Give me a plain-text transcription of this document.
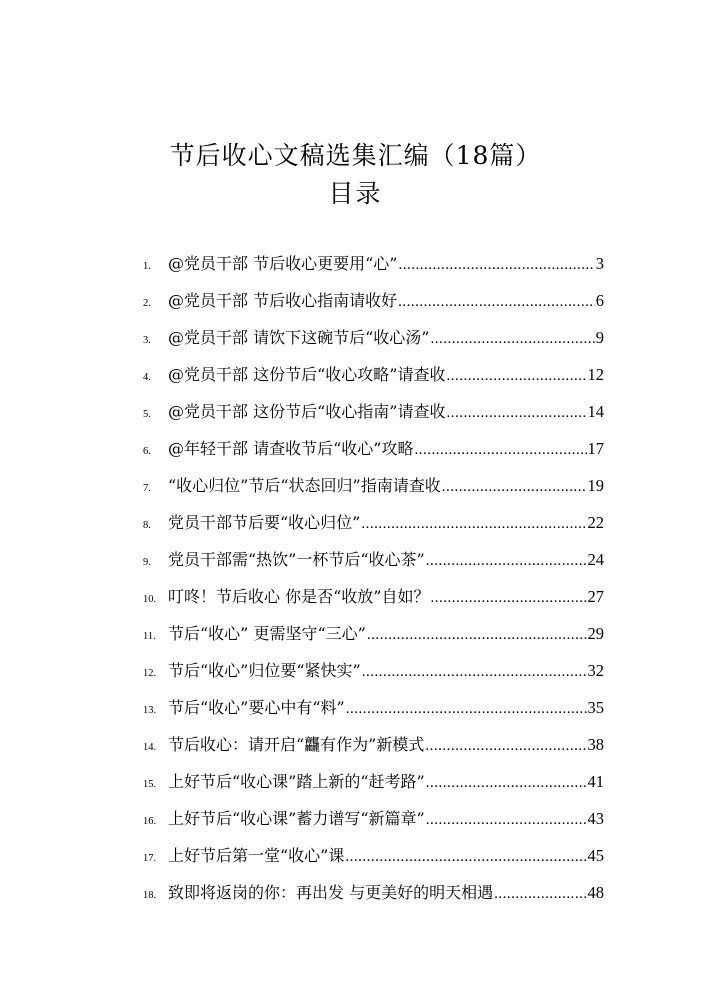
节后收心文稿选集汇编（18篇）
目录
1.	@党员干部 节后收心更要用“心” .....	3
2.	@党员干部 节后收心指南请收好 .....	6
3.	@党员干部 请饮下这碗节后“收心汤” .....	9
4.	@党员干部 这份节后“收心攻略”请查收 .....	12
5.	@党员干部 这份节后“收心指南”请查收 .....	14
6.	@年轻干部 请查收节后“收心”攻略 .....	17
7.	“收心归位”节后“状态回归”指南请查收 .....	19
8.	党员干部节后要“收心归位” .....	22
9.	党员干部需“热饮”一杯节后“收心茶” .....	24
10. 叮咚！节后收心 你是否“收放”自如？ .....	27
11. 节后“收心” 更需坚守“三心” .....	29
12. 节后“收心”归位要“紧快实” .....	32
13. 节后“收心”要心中有“料” .....	35
14. 节后收心：请开启“龘有作为”新模式 .....	38
15. 上好节后“收心课”踏上新的“赶考路” .....	41
16. 上好节后“收心课”蓄力谱写“新篇章” .....	43
17. 上好节后第一堂“收心”课 .....	45
18. 致即将返岗的你：再出发 与更美好的明天相遇 .....	48
